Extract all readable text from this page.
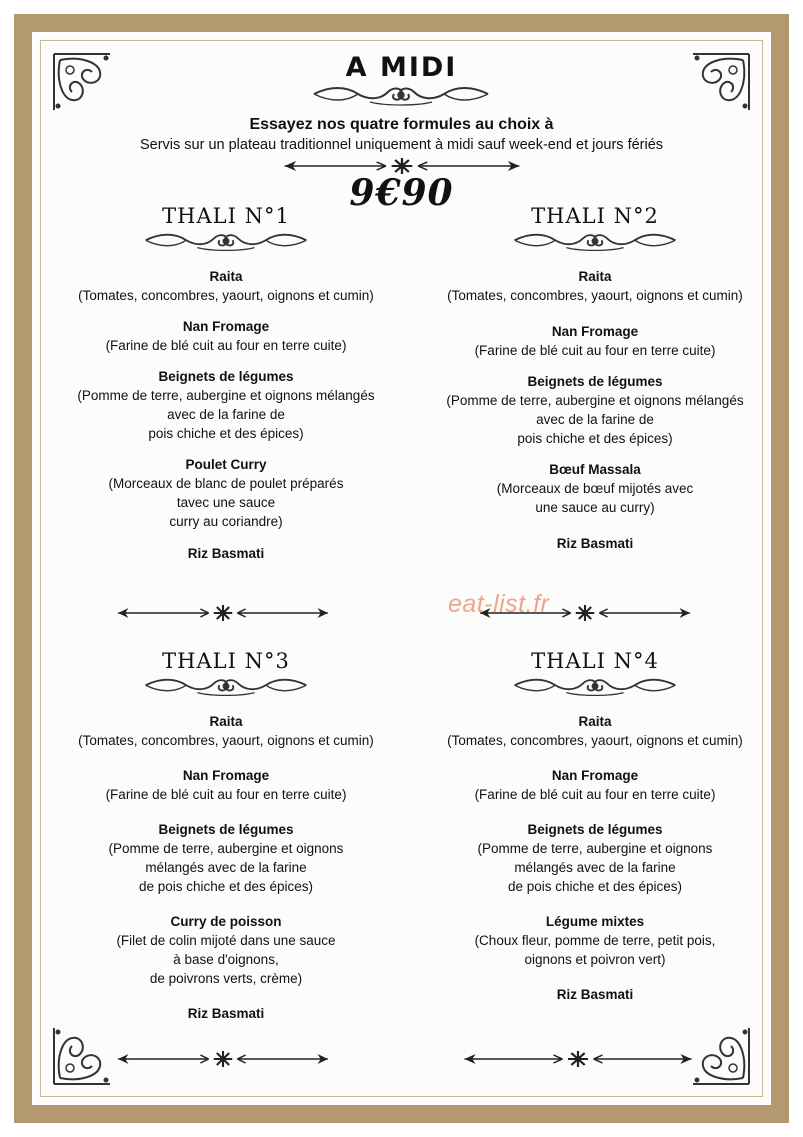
A MIDI
Essayez nos quatre formules au choix à
Servis sur un plateau traditionnel uniquement à midi sauf week-end et jours fériés
9€90
THALI N°1
Raita
(Tomates, concombres, yaourt, oignons et cumin)
Nan Fromage
(Farine de blé cuit au four en terre cuite)
Beignets de légumes
(Pomme de terre, aubergine et oignons mélangés
avec de la farine de
pois chiche et des épices)
Poulet Curry
(Morceaux de blanc de poulet préparés
tavec une sauce
curry au coriandre)
Riz Basmati
THALI N°2
Raita
(Tomates, concombres, yaourt, oignons et cumin)
Nan Fromage
(Farine de blé cuit au four en terre cuite)
Beignets de légumes
(Pomme de terre, aubergine et oignons mélangés
avec de la farine de
pois chiche et des épices)
Bœuf Massala
(Morceaux de bœuf mijotés avec
une sauce au curry)
Riz Basmati
eat-list.fr
THALI N°3
Raita
(Tomates, concombres, yaourt, oignons et cumin)
Nan Fromage
(Farine de blé cuit au four en terre cuite)
Beignets de légumes
(Pomme de terre, aubergine et oignons
mélangés avec de la farine
de pois chiche et des épices)
Curry de poisson
(Filet de colin mijoté dans une sauce
à base d'oignons,
de poivrons verts, crème)
Riz Basmati
THALI N°4
Raita
(Tomates, concombres, yaourt, oignons et cumin)
Nan Fromage
(Farine de blé cuit au four en terre cuite)
Beignets de légumes
(Pomme de terre, aubergine et oignons
mélangés avec de la farine
de pois chiche et des épices)
Légume mixtes
(Choux fleur, pomme de terre, petit pois,
oignons et poivron vert)
Riz Basmati
